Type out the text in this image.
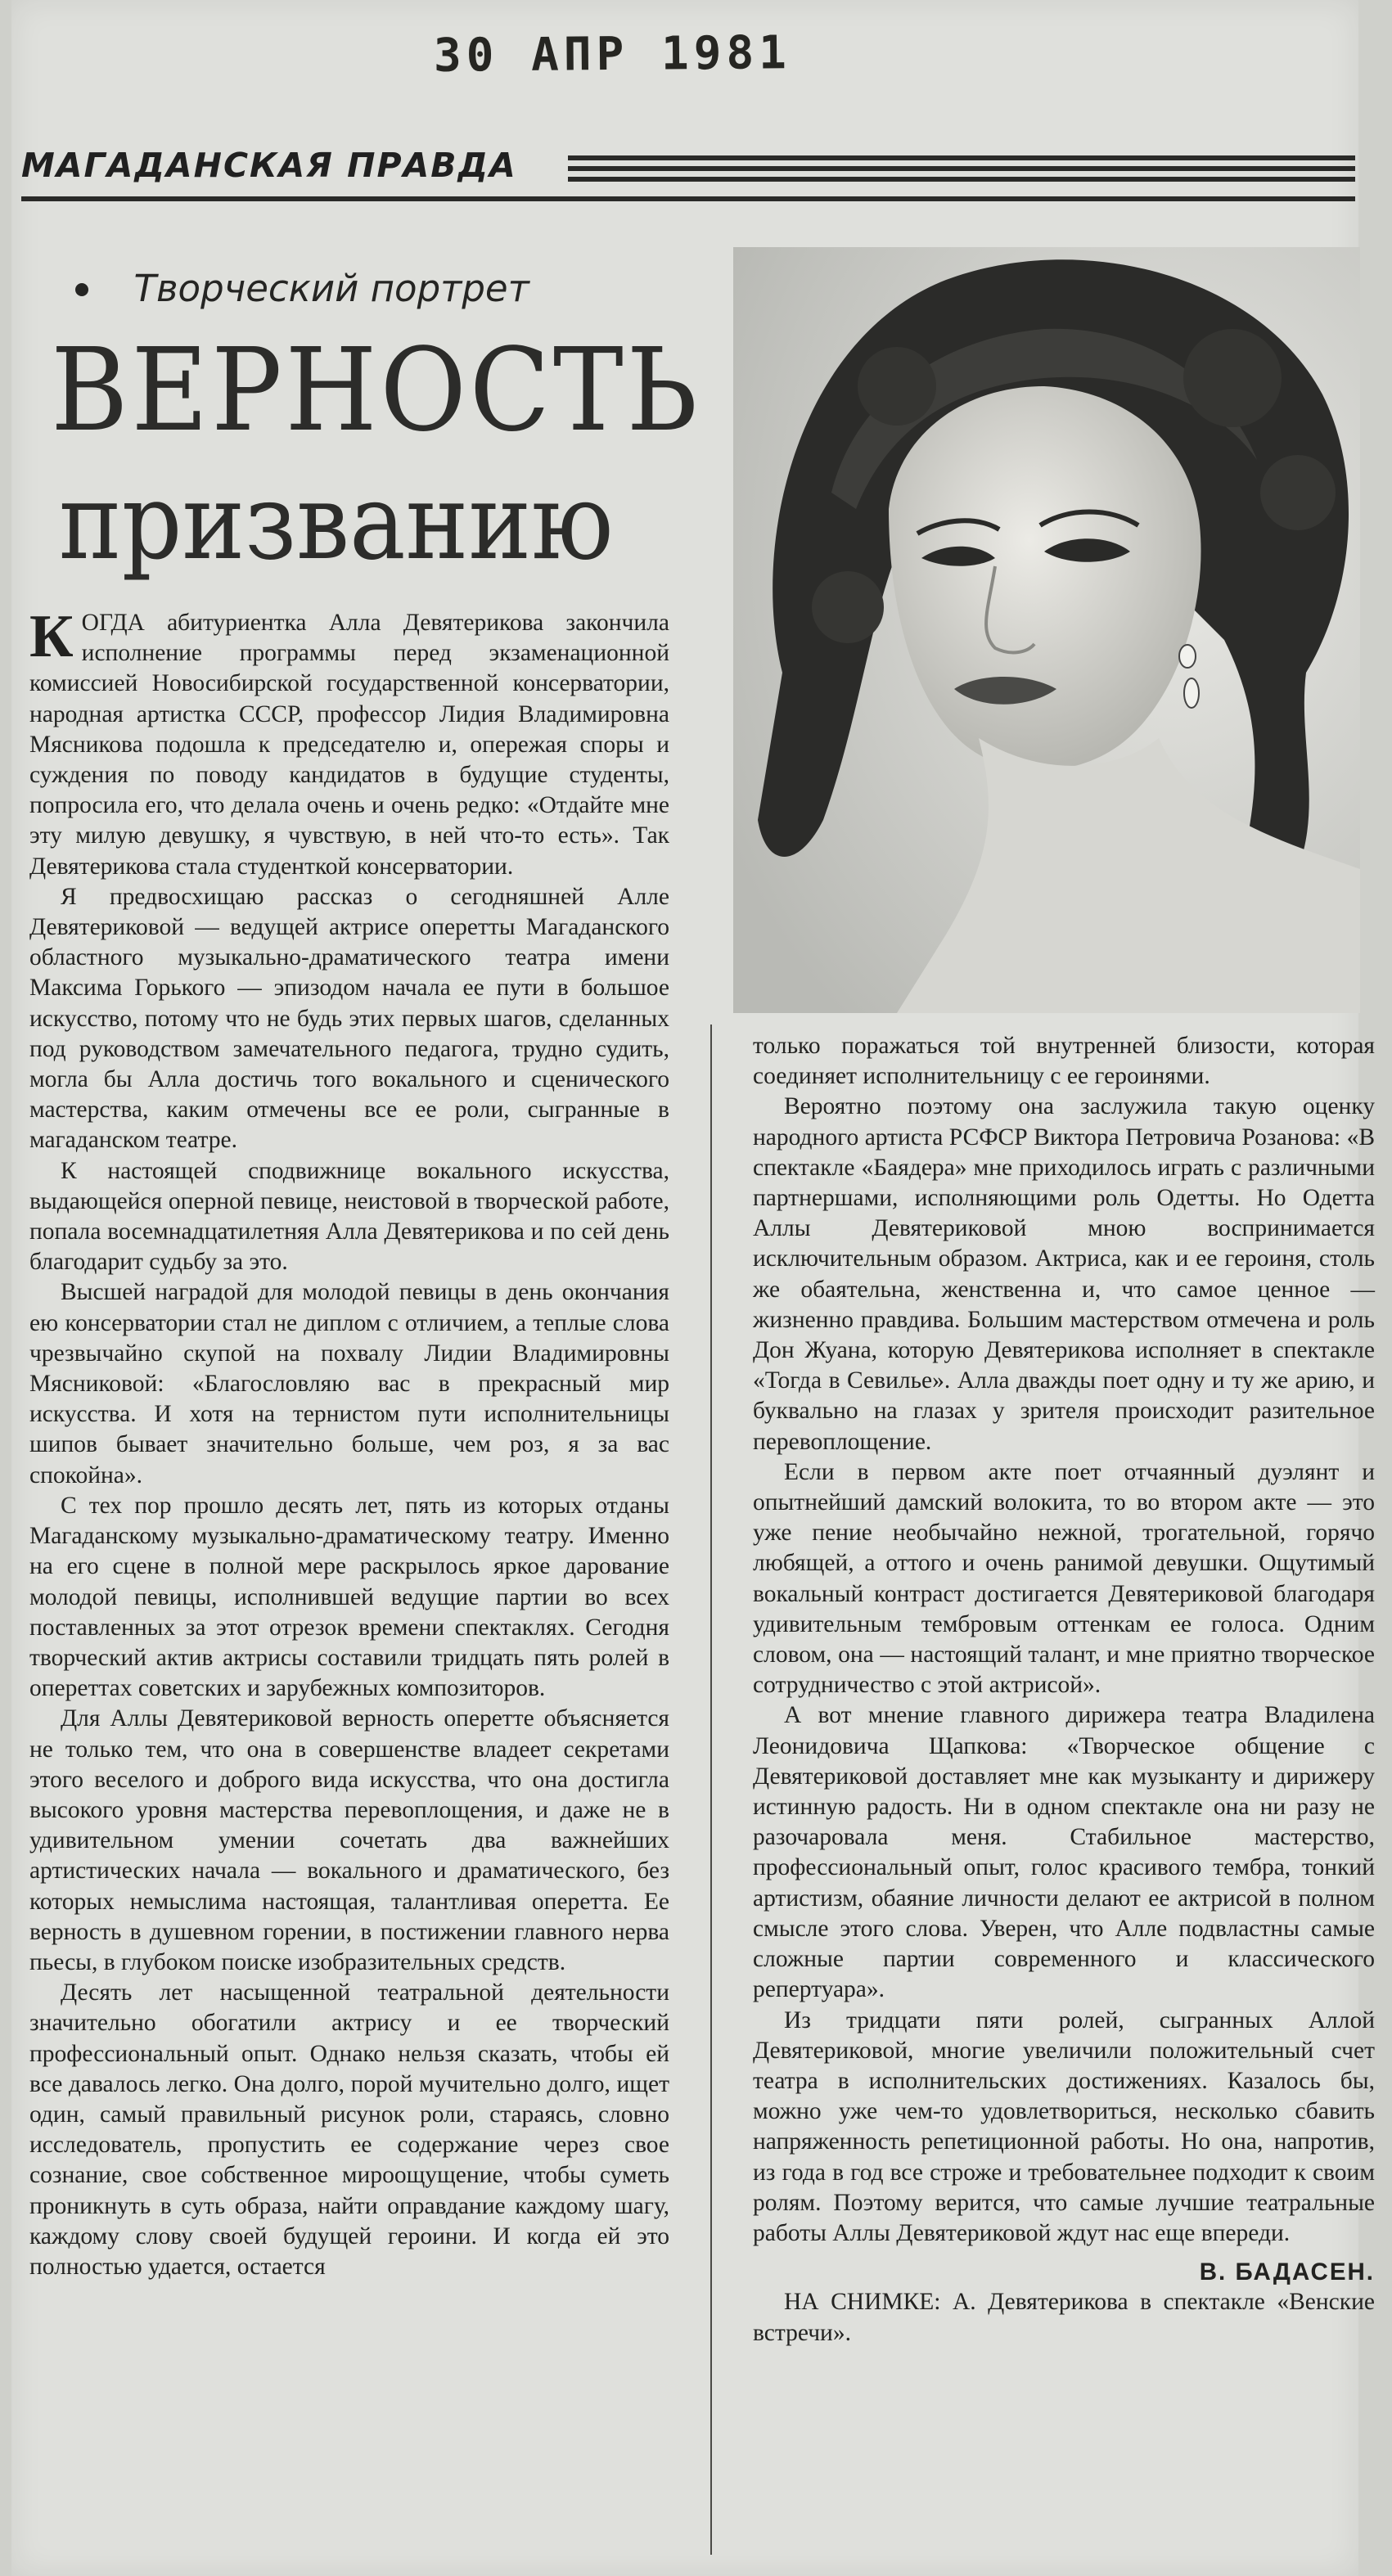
30 АПР 1981
МАГАДАНСКАЯ ПРАВДА
Творческий портрет
ВЕРНОСТЬ
призванию

КОГДА абитуриентка Алла Девятерикова закончила исполнение программы перед экзаменационной комиссией Новосибирской государственной консерватории, народная артистка СССР, профессор Лидия Владимировна Мясникова подошла к председателю и, опережая споры и суждения по поводу кандидатов в будущие студенты, попросила его, что делала очень и очень редко: «Отдайте мне эту милую девушку, я чувствую, в ней что-то есть». Так Девятерикова стала студенткой консерватории.

Я предвосхищаю рассказ о сегодняшней Алле Девятериковой — ведущей актрисе оперетты Магаданского областного музыкально-драматического театра имени Максима Горького — эпизодом начала ее пути в большое искусство, потому что не будь этих первых шагов, сделанных под руководством замечательного педагога, трудно судить, могла бы Алла достичь того вокального и сценического мастерства, каким отмечены все ее роли, сыгранные в магаданском театре.

К настоящей сподвижнице вокального искусства, выдающейся оперной певице, неистовой в творческой работе, попала восемнадцатилетняя Алла Девятерикова и по сей день благодарит судьбу за это.

Высшей наградой для молодой певицы в день окончания ею консерватории стал не диплом с отличием, а теплые слова чрезвычайно скупой на похвалу Лидии Владимировны Мясниковой: «Благословляю вас в прекрасный мир искусства. И хотя на тернистом пути исполнительницы шипов бывает значительно больше, чем роз, я за вас спокойна».

С тех пор прошло десять лет, пять из которых отданы Магаданскому музыкально-драматическому театру. Именно на его сцене в полной мере раскрылось яркое дарование молодой певицы, исполнившей ведущие партии во всех поставленных за этот отрезок времени спектаклях. Сегодня творческий актив актрисы составили тридцать пять ролей в опереттах советских и зарубежных композиторов.

Для Аллы Девятериковой верность оперетте объясняется не только тем, что она в совершенстве владеет секретами этого веселого и доброго вида искусства, что она достигла высокого уровня мастерства перевоплощения, и даже не в удивительном умении сочетать два важнейших артистических начала — вокального и драматического, без которых немыслима настоящая, талантливая оперетта. Ее верность в душевном горении, в постижении главного нерва пьесы, в глубоком поиске изобразительных средств.

Десять лет насыщенной театральной деятельности значительно обогатили актрису и ее творческий профессиональный опыт. Однако нельзя сказать, чтобы ей все давалось легко. Она долго, порой мучительно долго, ищет один, самый правильный рисунок роли, стараясь, словно исследователь, пропустить ее содержание через свое сознание, свое собственное мироощущение, чтобы суметь проникнуть в суть образа, найти оправдание каждому шагу, каждому слову своей будущей героини. И когда ей это полностью удается, остается

только поражаться той внутренней близости, которая соединяет исполнительницу с ее героинями.

Вероятно поэтому она заслужила такую оценку народного артиста РСФСР Виктора Петровича Розанова: «В спектакле «Баядера» мне приходилось играть с различными партнершами, исполняющими роль Одетты. Но Одетта Аллы Девятериковой мною воспринимается исключительным образом. Актриса, как и ее героиня, столь же обаятельна, женственна и, что самое ценное — жизненно правдива. Большим мастерством отмечена и роль Дон Жуана, которую Девятерикова исполняет в спектакле «Тогда в Севилье». Алла дважды поет одну и ту же арию, и буквально на глазах у зрителя происходит разительное перевоплощение.

Если в первом акте поет отчаянный дуэлянт и опытнейший дамский волокита, то во втором акте — это уже пение необычайно нежной, трогательной, горячо любящей, а оттого и очень ранимой девушки. Ощутимый вокальный контраст достигается Девятериковой благодаря удивительным тембровым оттенкам ее голоса. Одним словом, она — настоящий талант, и мне приятно творческое сотрудничество с этой актрисой».

А вот мнение главного дирижера театра Владилена Леонидовича Щапкова: «Творческое общение с Девятериковой доставляет мне как музыканту и дирижеру истинную радость. Ни в одном спектакле она ни разу не разочаровала меня. Стабильное мастерство, профессиональный опыт, голос красивого тембра, тонкий артистизм, обаяние личности делают ее актрисой в полном смысле этого слова. Уверен, что Алле подвластны самые сложные партии современного и классического репертуара».

Из тридцати пяти ролей, сыгранных Аллой Девятериковой, многие увеличили положительный счет театра в исполнительских достижениях. Казалось бы, можно уже чем-то удовлетвориться, несколько сбавить напряженность репетиционной работы. Но она, напротив, из года в год все строже и требовательнее подходит к своим ролям. Поэтому верится, что самые лучшие театральные работы Аллы Девятериковой ждут нас еще впереди.

В. БАДАСЕН.

НА СНИМКЕ: А. Девятерикова в спектакле «Венские встречи».
